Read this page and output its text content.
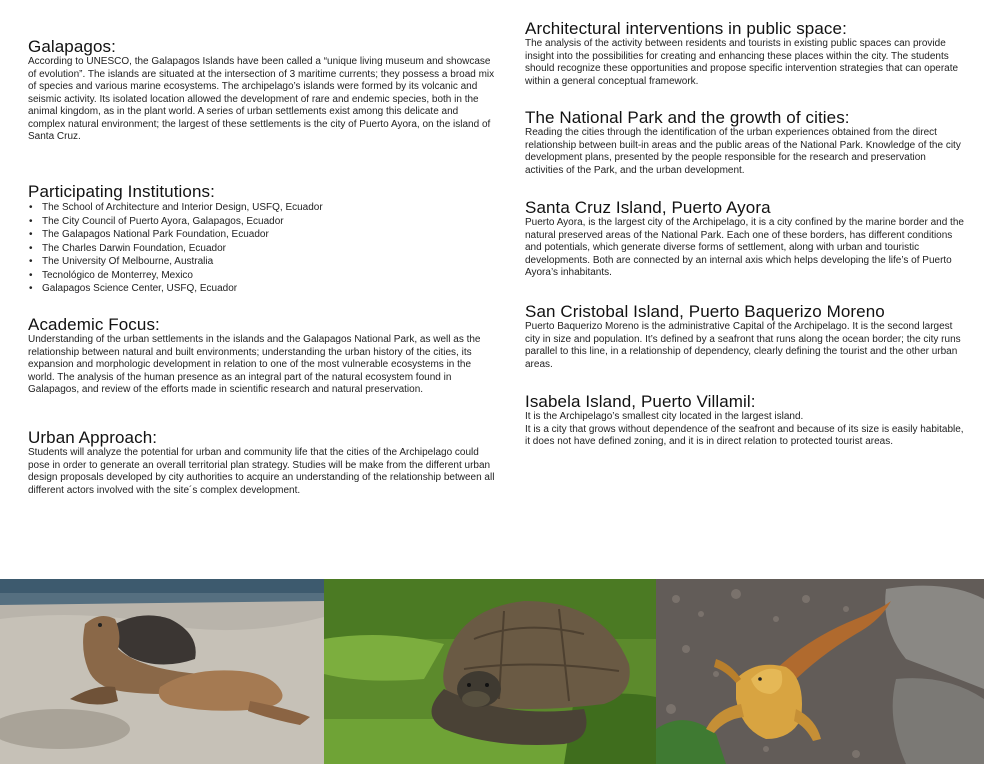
Galapagos:

According to UNESCO, the Galapagos Islands have been called a “unique living museum and showcase of evolution”. The islands are situated at the intersection of 3 maritime currents; they possess a broad mix of species and various marine ecosystems. The archipelago’s islands were formed by its volcanic and seismic activity. Its isolated location allowed the development of rare and endemic species, both in the animal kingdom, as in the plant world. A series of urban settlements exist among this delicate and complex natural environment; the largest of these settlements is the city of Puerto Ayora, on the island of Santa Cruz.

Participating Institutions:
• The School of Architecture and Interior Design, USFQ, Ecuador
• The City Council of Puerto Ayora, Galapagos, Ecuador
• The Galapagos National Park Foundation, Ecuador
• The Charles Darwin Foundation, Ecuador
• The University Of Melbourne, Australia
• Tecnológico de Monterrey, Mexico
• Galapagos Science Center, USFQ, Ecuador
Academic Focus:

Understanding of the urban settlements in the islands and the Galapagos National Park, as well as the relationship between natural and built environments; understanding the urban history of the cities, its expansion and morphologic development in relation to one of the most vulnerable ecosystems in the world. The analysis of the human presence as an integral part of the natural ecosystem found in Galapagos, and review of the efforts made in scientific research and natural preservation.

Urban Approach:

Students will analyze the potential for urban and community life that the cities of the Archipelago could pose in order to generate an overall territorial plan strategy. Studies will be make from the different urban design proposals developed by city authorities to acquire an understanding of the relationship between all different actors involved with the site´s complex development.

Architectural interventions in public space:

The analysis of the activity between residents and tourists in existing public spaces can provide insight into the possibilities for creating and enhancing these places within the city. The students should recognize these opportunities and propose specific intervention strategies that can operate within a general conceptual framework.

The National Park and the growth of cities:

Reading the cities through the identification of the urban experiences obtained from the direct relationship between built-in areas and the public areas of the National Park. Knowledge of the city development plans, presented by the people responsible for the research and preservation activities of the Park, and the urban development.

Santa Cruz Island, Puerto Ayora

Puerto Ayora, is the largest city of the Archipelago, it is a city confined by the marine border and the natural preserved areas of the National Park. Each one of these borders, has different conditions and potentials, which generate diverse forms of settlement, along with urban and touristic developments. Both are connected by an internal axis which helps developing the life’s of Puerto Ayora’s inhabitants.

San Cristobal Island, Puerto Baquerizo Moreno

Puerto Baquerizo Moreno is the administrative Capital of the Archipelago. It is the second largest city in size and population. It’s defined by a seafront that runs along the ocean border; the city runs parallel to this line, in a relationship of dependency, clearly defining the tourist and the other urban areas.

Isabela Island, Puerto Villamil:

It is the Archipelago’s smallest city located in the largest island.

It is a city that grows without dependence of the seafront and because of its size is easily habitable, it does not have defined zoning, and it is in direct relation to protected tourist areas.
